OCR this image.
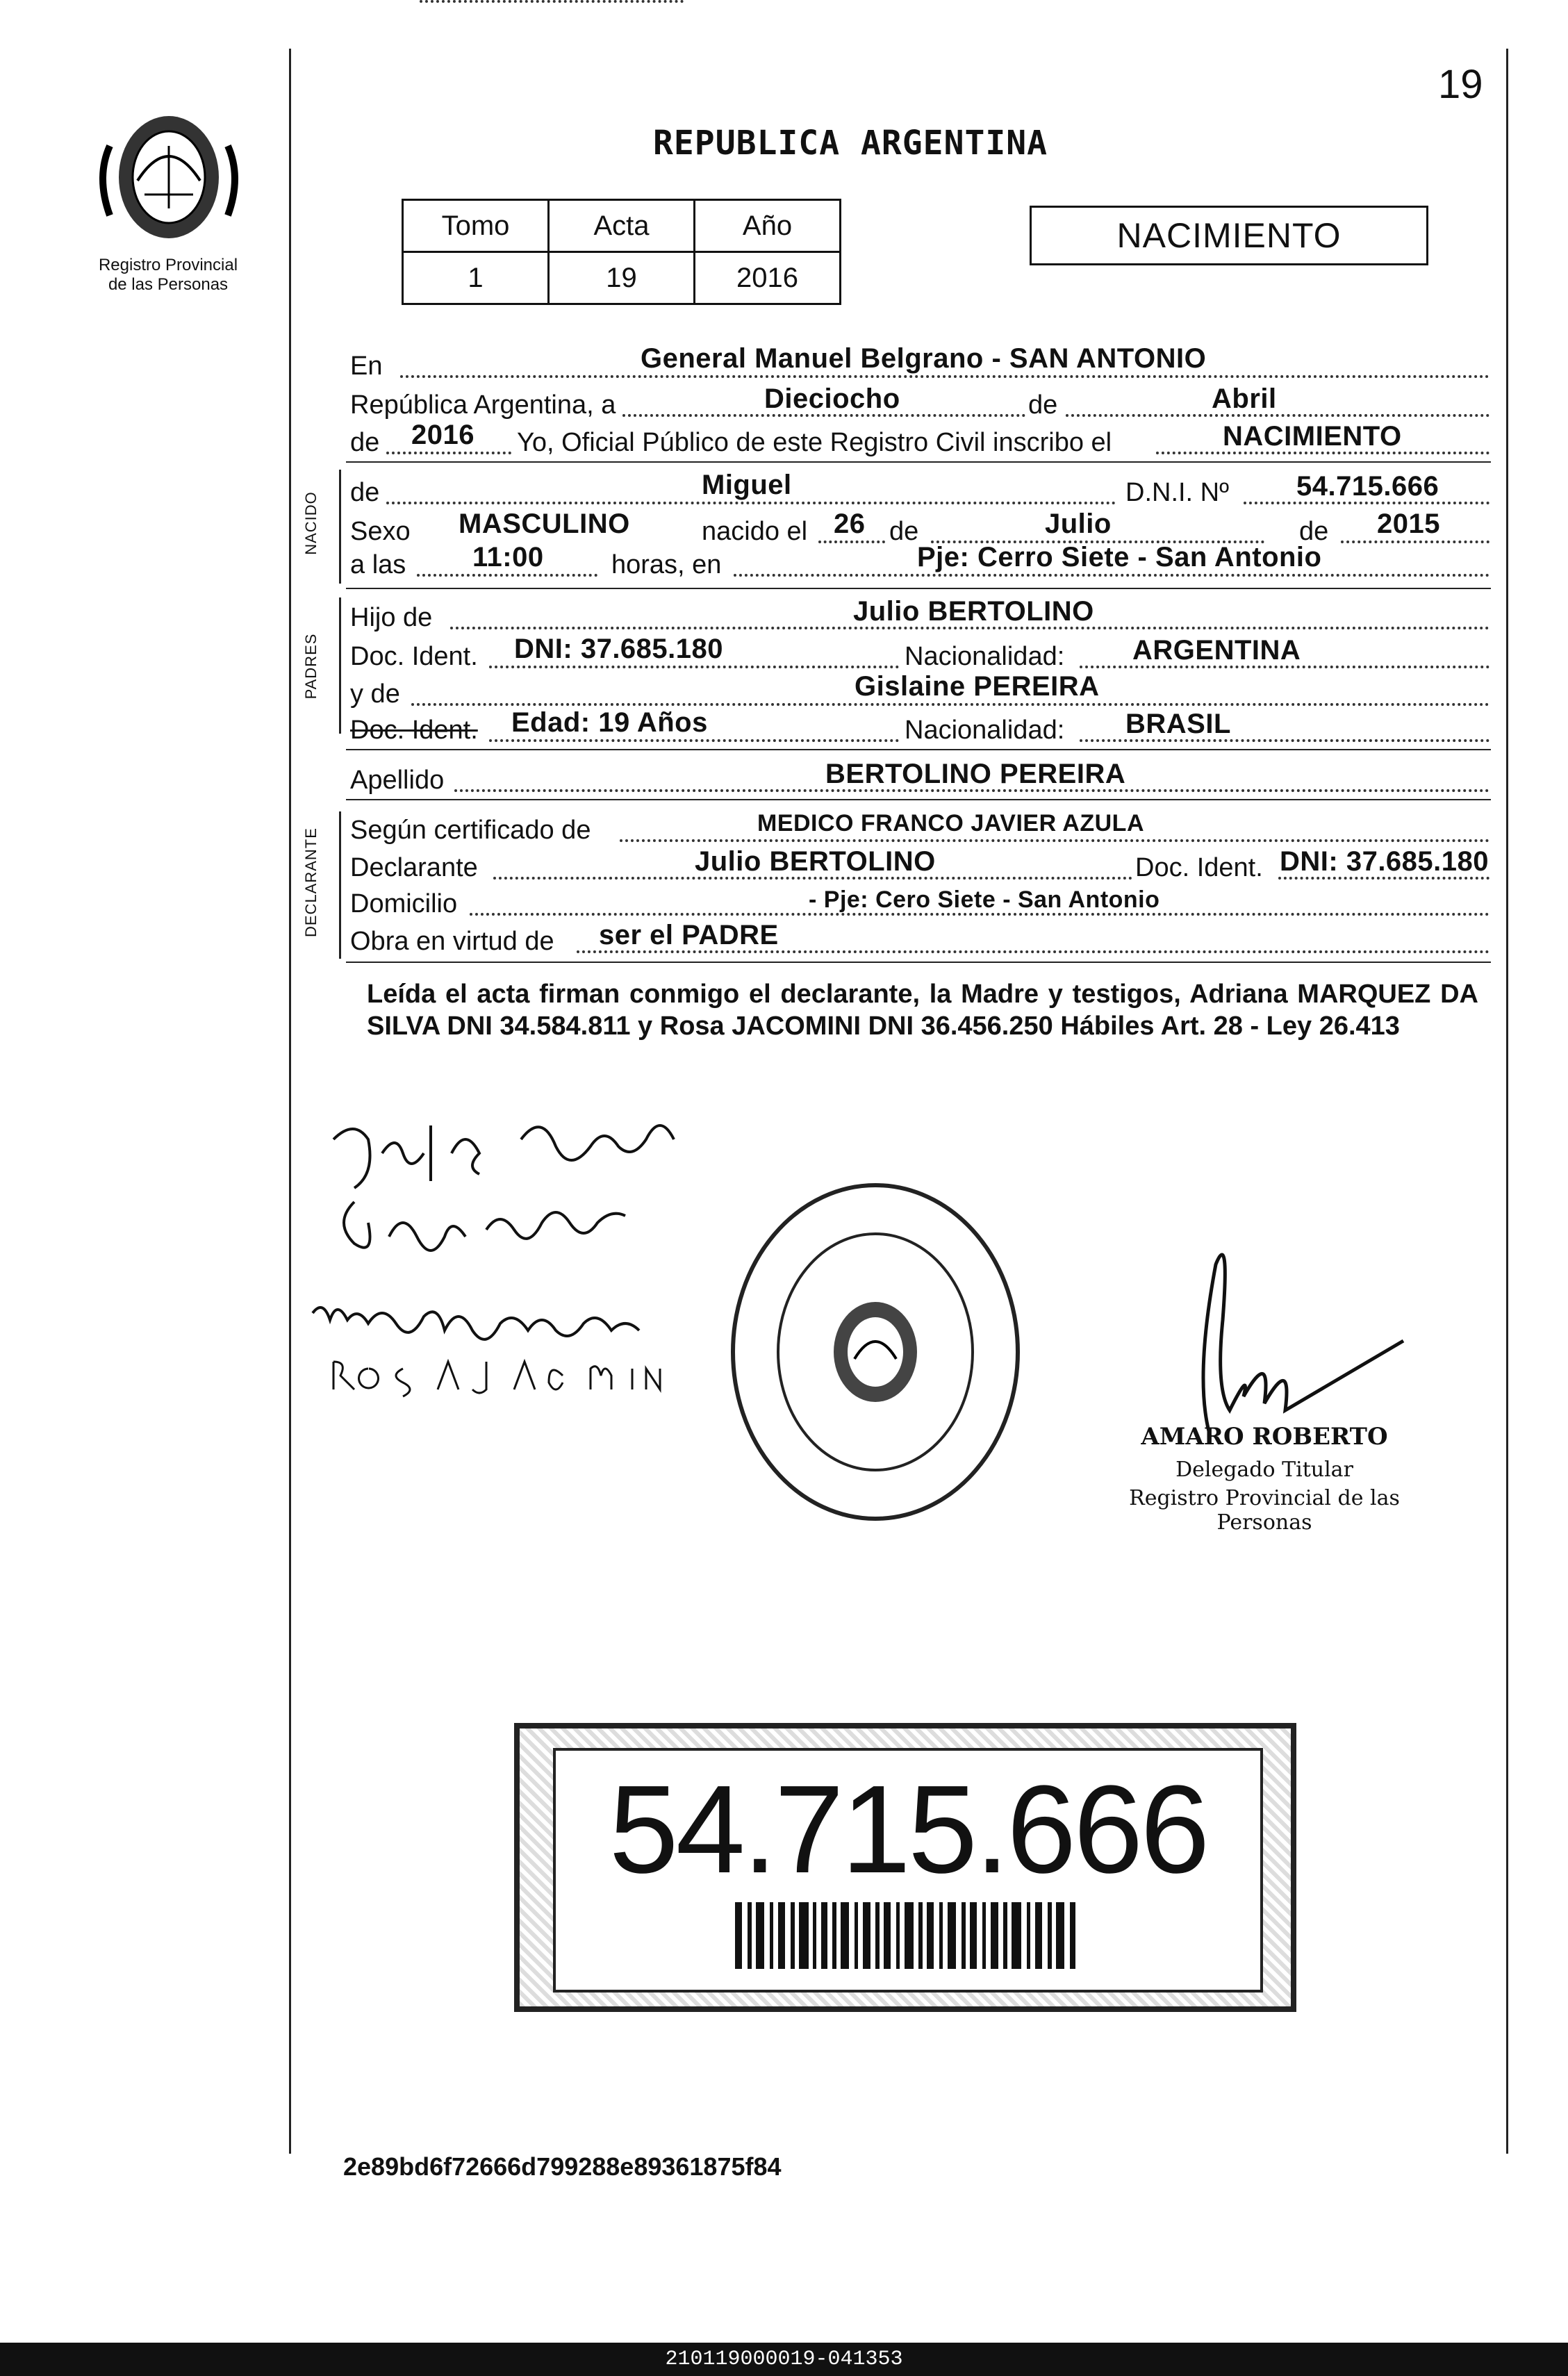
19
Registro Provincial
de las Personas
REPUBLICA ARGENTINA
Tomo	Acta	Año
1	19	2016
NACIMIENTO
En	General Manuel Belgrano - SAN ANTONIO
República Argentina, a	Dieciocho	de	Abril
de 2016 Yo, Oficial Público de este Registro Civil inscribo el	NACIMIENTO
NACIDO de	Miguel	D.N.I. Nº 54.715.666
Sexo MASCULINO	nacido el 26 de	Julio	de 2015
a las 11:00	horas, en	Pje: Cerro Siete - San Antonio
PADRES
Hijo de	Julio BERTOLINO
Doc. Ident. DNI: 37.685.180	Nacionalidad: ARGENTINA
y de	Gislaine PEREIRA
Doc. Ident. Edad: 19 Años	Nacionalidad: BRASIL
Apellido	BERTOLINO PEREIRA
DECLARANTE Según certificado de	MEDICO FRANCO JAVIER AZULA
Declarante	Julio BERTOLINO	Doc. Ident. DNI: 37.685.180
Domicilio	- Pje: Cero Siete - San Antonio
Obra en virtud de ser el PADRE
Leída el acta firman conmigo el declarante, la Madre y testigos, Adriana MARQUEZ DA SILVA DNI 34.584.811 y Rosa JACOMINI DNI 36.456.250 Hábiles Art. 28 - Ley 26.413
AMARO ROBERTO
Delegado Titular
Registro Provincial de las Personas
54.715.666
2e89bd6f72666d799288e89361875f84
210119000019-041353
